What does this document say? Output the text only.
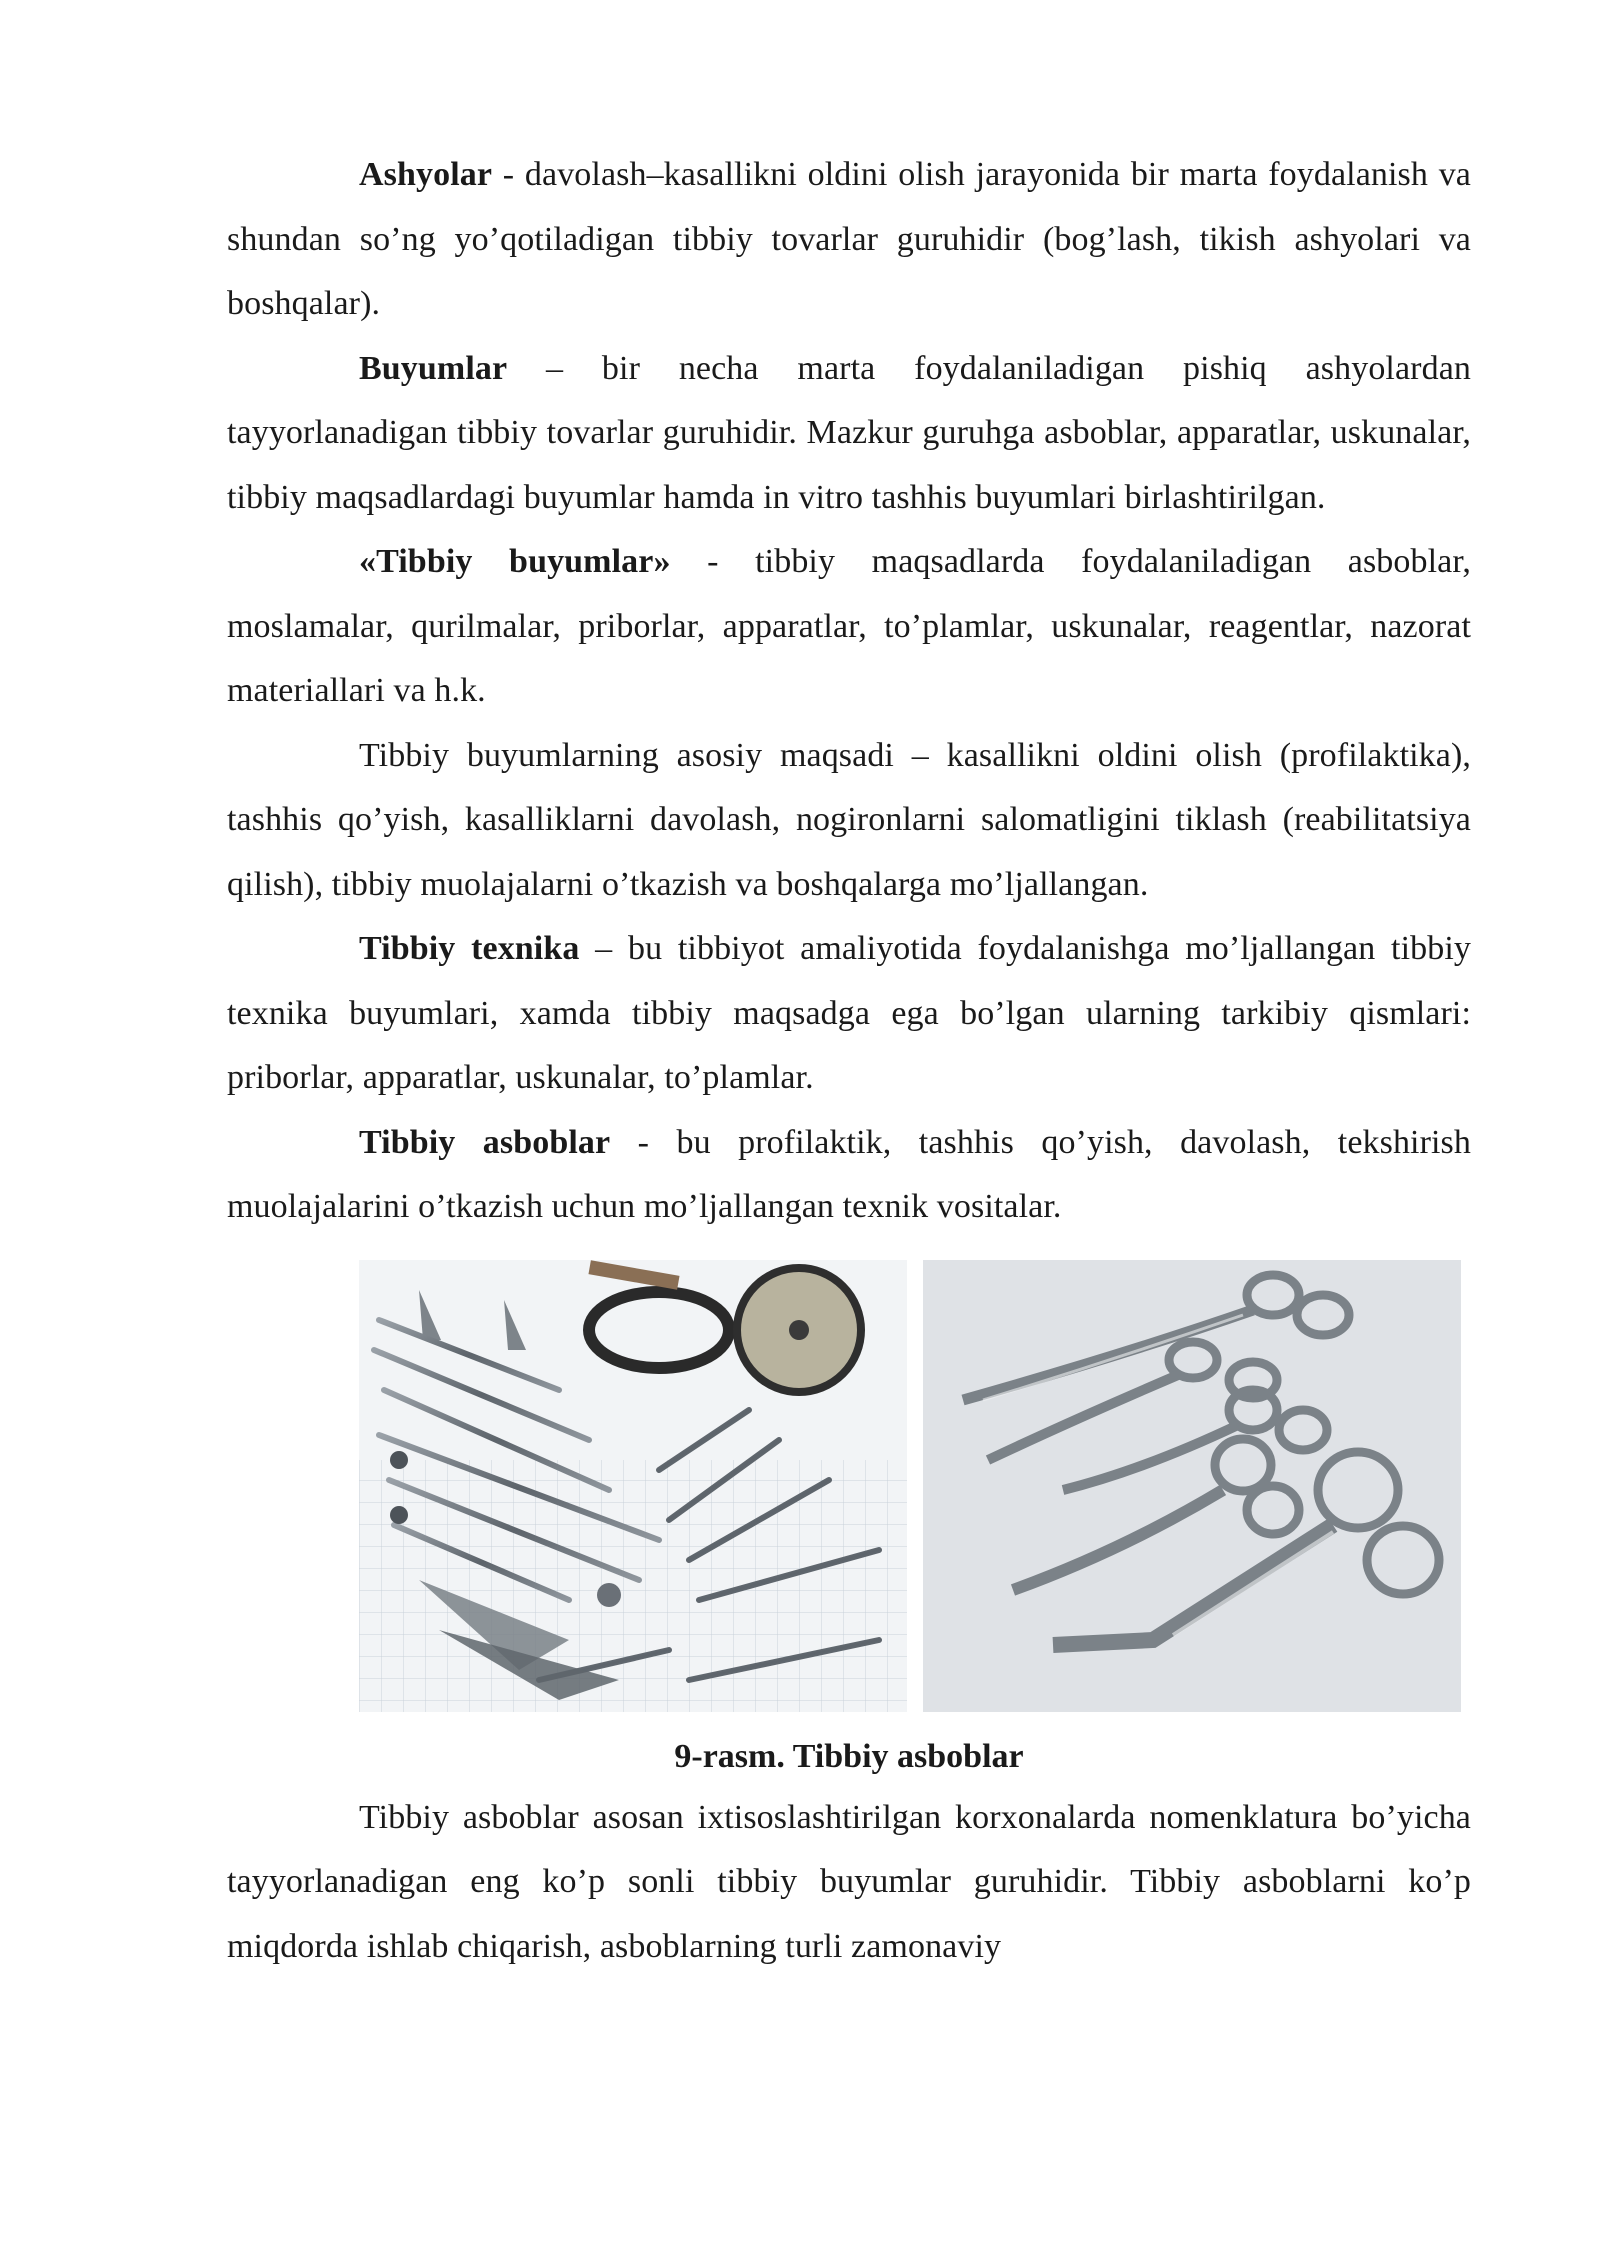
Ashyolar - davolash–kasallikni oldini olish jarayonida bir marta foydalanish va shundan so’ng yo’qotiladigan tibbiy tovarlar guruhidir (bog’lash, tikish ashyolari va boshqalar).

Buyumlar – bir necha marta foydalaniladigan pishiq ashyolardan tayyorlanadigan tibbiy tovarlar guruhidir. Mazkur guruhga asboblar, apparatlar, uskunalar, tibbiy maqsadlardagi buyumlar hamda in vitro tashhis buyumlari birlashtirilgan.

«Tibbiy buyumlar» - tibbiy maqsadlarda foydalaniladigan asboblar, moslamalar, qurilmalar, priborlar, apparatlar, to’plamlar, uskunalar, reagentlar, nazorat materiallari va h.k.

Tibbiy buyumlarning asosiy maqsadi – kasallikni oldini olish (profilaktika), tashhis qo’yish, kasalliklarni davolash, nogironlarni salomatligini tiklash (reabilitatsiya qilish), tibbiy muolajalarni o’tkazish va boshqalarga mo’ljallangan.

Tibbiy texnika – bu tibbiyot amaliyotida foydalanishga mo’ljallangan tibbiy texnika buyumlari, xamda tibbiy maqsadga ega bo’lgan ularning tarkibiy qismlari: priborlar, apparatlar, uskunalar, to’plamlar.

Tibbiy asboblar - bu profilaktik, tashhis qo’yish, davolash, tekshirish muolajalarini o’tkazish uchun mo’ljallangan texnik vositalar.

9-rasm. Tibbiy asboblar

Tibbiy asboblar asosan ixtisoslashtirilgan korxonalarda nomenklatura bo’yicha tayyorlanadigan eng ko’p sonli tibbiy buyumlar guruhidir. Tibbiy asboblarni ko’p miqdorda ishlab chiqarish, asboblarning turli zamonaviy
